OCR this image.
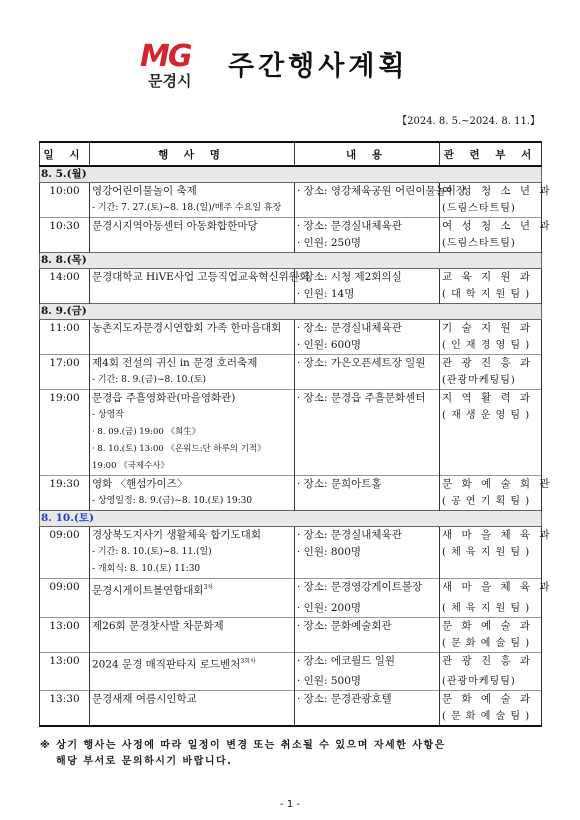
MG
문경시 주간행사계획
【2024. 8. 5.~2024. 8. 11.】
일 시	행 사 명	내 용	관 련 부 서
8. 5.(월)			
10:00	영강어린이물놀이 축제	· 장소: 영강체육공원 어린이물놀이장	여 성 청 소 년 과
	- 기간: 7. 27.(토)~8. 18.(일)/매주 수요일 휴장		(드림스타트팀)
10:30	문경시지역아동센터 아동화합한마당	· 장소: 문경실내체육관	여 성 청 소 년 과
		· 인원: 250명	(드림스타트팀)
8. 8.(목)			
14:00	문경대학교 HiVE사업 고등직업교육혁신위원회	· 장소: 시청 제2회의실	교 육 지 원 과
		· 인원: 14명	( 대 학 지 원 팀 )
8. 9.(금)			
11:00	농촌지도자문경시연합회 가족 한마음대회	· 장소: 문경실내체육관	기 술 지 원 과
		· 인원: 600명	( 인 재 경 영 팀 )
17:00	제4회 전설의 귀신 in 문경 호러축제	· 장소: 가은오픈세트장 일원	관 광 진 흥 과
	- 기간: 8. 9.(금)~8. 10.(토)		(관광마케팅팀)
19:00	문경읍 주흘영화관(마을영화관)	· 장소: 문경읍 주흘문화센터	지 역 활 력 과
	- 상영작		( 재 생 운 영 팀 )
	· 8. 09.(금) 19:00 《희生》		
	· 8. 10.(토) 13:00 《온워드:단 하루의 기적》		
	19:00 《국제수사》		
19:30	영화 〈핸섬가이즈〉	· 장소: 문희아트홀	문 화 예 술 회 관
	- 상영일정: 8. 9.(금)~8. 10.(토) 19:30		( 공 연 기 획 팀 )
8. 10.(토)			
09:00	경상북도지사기 생활체육 합기도대회	· 장소: 문경실내체육관	새 마 을 체 육 과
	- 기간: 8. 10.(토)~8. 11.(일)	· 인원: 800명	( 체 육 지 원 팀 )
	- 개회식: 8. 10.(토) 11:30		
09:00	문경시게이트볼연합대회$^{3차}$	· 장소: 문경영강게이트볼장	새 마 을 체 육 과
		· 인원: 200명	( 체 육 지 원 팀 )
13:00	제26회 문경찻사발 차문화제	· 장소: 문화예술회관	문 화 예 술 과
			( 문 화 예 술 팀 )
13:00	2024 문경 매직판타지 로드벤처$^{3회차}$	· 장소: 에코월드 일원	관 광 진 흥 과
		· 인원: 500명	(관광마케팅팀)
13:30	문경새재 여름시인학교	· 장소: 문경관광호텔	문 화 예 술 과
			( 문 화 예 술 팀 )
※ 상기 행사는 사정에 따라 일정이 변경 또는 취소될 수 있으며 자세한 사항은
해당 부서로 문의하시기 바랍니다.
- 1 -
